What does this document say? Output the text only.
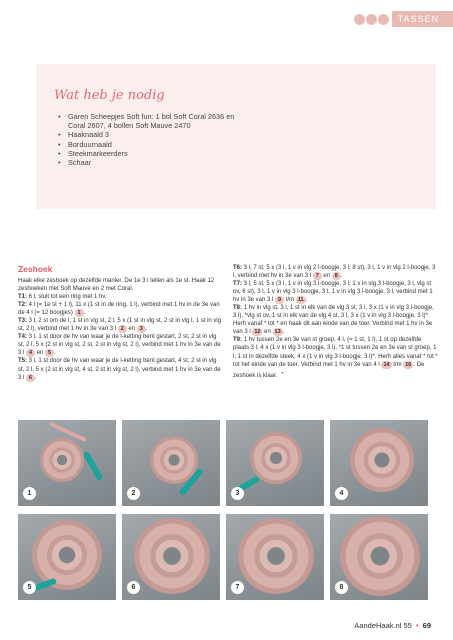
TASSEN
Wat heb je nodig
• Garen Scheepjes Soft fun: 1 bol Soft Coral 2636 en Coral 2607, 4 bollen Soft Mauve 2470
• Haaknaald 3
• Borduurnaald
• Steekmarkeerders
• Schaar
Zeshoek

Haak elke zeshoek op dezelfde manier. De 1e 3 l tellen als 1e st. Haak 12 zeshoeken met Soft Mauve en 2 met Coral.

T1: 6 l, sluit tot een ring met 1 hv.

T2: 4 l (= 1e st + 1 l), 11 x (1 st in de ring, 1 l), verbind met 1 hv in de 3e van de 4 l (= 12 boogjes) 1 .

T3: 3 l, 2 st om de l, 1 st in vlg st, 2 l, 5 x (1 st in vlg st, 2 st in vlg l, 1 st in vlg st, 2 l), verbind met 1 hv in 3e van 3 l 2 en 3 .

T4: 3 l, 1 st door de hv van waar je de l-ketting bent gestart, 2 st, 2 st in vlg st, 2 l, 5 x (2 st in vlg st, 2 st, 2 st in vlg st, 2 l), verbind met 1 hv in 3e van de 3 l 4 en 5 .

T5: 3 l, 1 st door de hv van waar je de l-ketting bent gestart, 4 st, 2 st in vlg st, 2 l, 5 x (2 st in vlg st, 4 st, 2 st in vlg st, 2 l), verbind met 1 hv in 3e van de 3 l 6 .

T6: 3 l, 7 st, 5 x (3 l, 1 v in vlg 2 l-boogje, 3 l, 8 st), 3 l, 1 v in vlg 2 l-boogje, 3 l, verbind met hv in 3e van 3 l 7 en 8 .

T7: 3 l, 5 st, 5 x (3 l, 1 v in vlg 3 l-boogje, 3 l, 1 v in vlg 3 l-boogje, 3 l, vlg st ov, 6 st), 3 l, 1 v in vlg 3 l-boogje, 3 l, 1 v in vlg 3 l-boogje, 3 l, verbind met 1 hv in 3e van 3 l 9 t/m 11 .

T8: 1 hv in vlg st, 3 l, 1 st in elk van de vlg 3 st, 3 l, 3 x (1 v in vlg 3 l-boogje, 3 l), *vlg st ov, 1 st in elk van de vlg 4 st, 3 l, 3 x (1 v in vlg 3 l-boogje, 3 l)*. Herh vanaf * tot * en haak dit aan einde van de toer. Verbind met 1 hv in 3e van 3 l 12 en 13 .

T9: 1 hv tussen 2e en 3e van st groep, 4 l, (= 1 st, 1 l), 1 st op dezelfde plaats 3 l, 4 x (1 v in vlg 3 l-boogje, 3 l), *1 st tussen 2e en 3e van st groep, 1 l, 1 st in dezelfde steek, 4 x (1 v in vlg 3 l-boogje, 3 l)*. Herh alles vanaf * tot * tot het einde van de toer. Verbind met 1 hv in 3e van 4 l 14 t/m 16 . De zeshoek is klaar.»

1	2	3	4
5	6	7	8
AandeHaak.nl 55 • 69
